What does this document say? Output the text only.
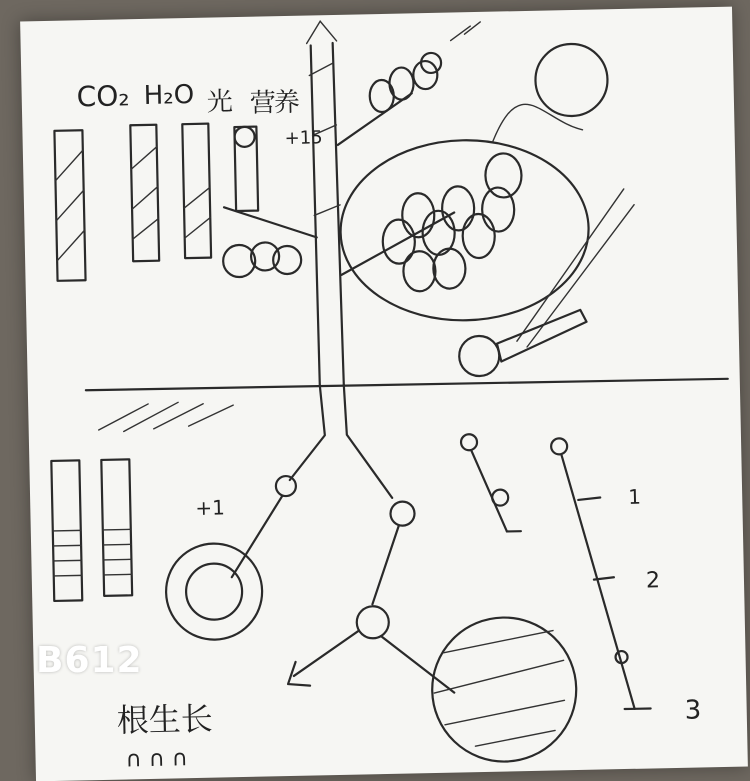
CO₂ H₂O 光 营养
+15
+1	1
2
3
根生长
∩ ∩ ∩
B612
